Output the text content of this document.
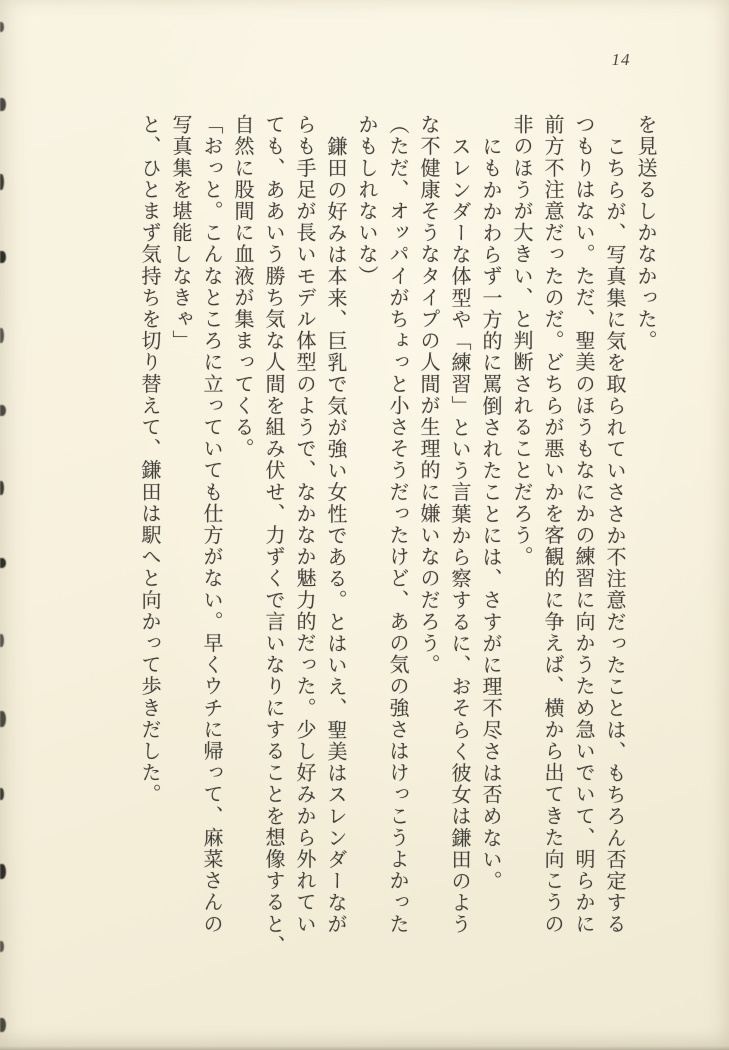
14
を見送るしかなかった。
こちらが、写真集に気を取られていささか不注意だったことは、もちろん否定する
つもりはない。ただ、聖美のほうもなにかの練習に向かうため急いでいて、明らかに
前方不注意だったのだ。どちらが悪いかを客観的に争えば、横から出てきた向こうの
非のほうが大きい、と判断されることだろう。
にもかかわらず一方的に罵倒されたことには、さすがに理不尽さは否めない。
スレンダーな体型や「練習」という言葉から察するに、おそらく彼女は鎌田のよう
な不健康そうなタイプの人間が生理的に嫌いなのだろう。
（ただ、オッパイがちょっと小さそうだったけど、あの気の強さはけっこうよかった
かもしれないな）
鎌田の好みは本来、巨乳で気が強い女性である。とはいえ、聖美はスレンダーなが
らも手足が長いモデル体型のようで、なかなか魅力的だった。少し好みから外れてい
ても、ああいう勝ち気な人間を組み伏せ、力ずくで言いなりにすることを想像すると、
自然に股間に血液が集まってくる。
「おっと。こんなところに立っていても仕方がない。早くウチに帰って、麻菜さんの
写真集を堪能しなきゃ」
と、ひとまず気持ちを切り替えて、鎌田は駅へと向かって歩きだした。
